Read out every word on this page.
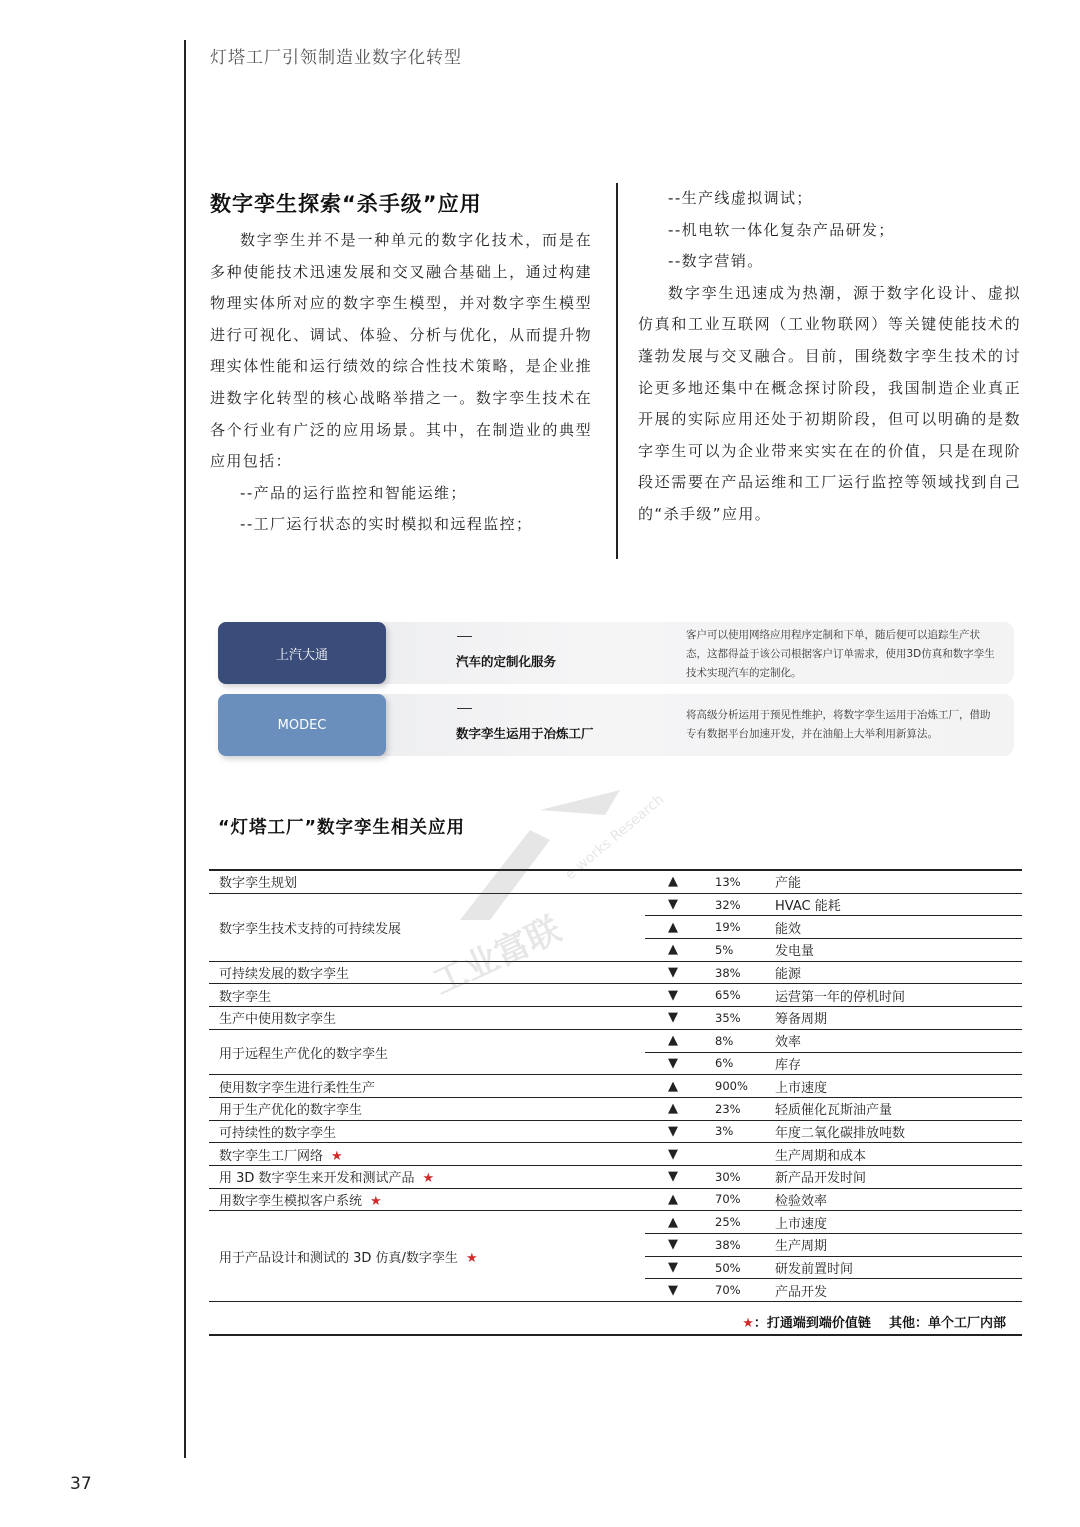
灯塔工厂引领制造业数字化转型
数字孪生探索“杀手级”应用

数字孪生并不是一种单元的数字化技术，而是在多种使能技术迅速发展和交叉融合基础上，通过构建物理实体所对应的数字孪生模型，并对数字孪生模型进行可视化、调试、体验、分析与优化，从而提升物理实体性能和运行绩效的综合性技术策略，是企业推进数字化转型的核心战略举措之一。数字孪生技术在各个行业有广泛的应用场景。其中，在制造业的典型应用包括：

--产品的运行监控和智能运维；

--工厂运行状态的实时模拟和远程监控；

--生产线虚拟调试；

--机电软一体化复杂产品研发；

--数字营销。

数字孪生迅速成为热潮，源于数字化设计、虚拟仿真和工业互联网（工业物联网）等关键使能技术的蓬勃发展与交叉融合。目前，围绕数字孪生技术的讨论更多地还集中在概念探讨阶段，我国制造企业真正开展的实际应用还处于初期阶段，但可以明确的是数字孪生可以为企业带来实实在在的价值，只是在现阶段还需要在产品运维和工厂运行监控等领域找到自己的“杀手级”应用。

上汽大通	汽车的定制化服务
客户可以使用网络应用程序定制和下单，随后便可以追踪生产状态，这都得益于该公司根据客户订单需求，使用3D仿真和数字孪生技术实现汽车的定制化。
MODEC
数字孪生运用于冶炼工厂
将高级分析运用于预见性维护，将数字孪生运用于冶炼工厂，借助专有数据平台加速开发，并在油船上大举利用新算法。
“灯塔工厂”数字孪生相关应用
数字孪生规划	▲	13%	产能
数字孪生技术支持的可持续发展	▼	32%	HVAC 能耗
	▲	19%	能效
	▲	5%	发电量
可持续发展的数字孪生	▼	38%	能源
数字孪生	▼	65%	运营第一年的停机时间
生产中使用数字孪生	▼	35%	筹备周期
用于远程生产优化的数字孪生	▲	8%	效率
	▼	6%	库存
使用数字孪生进行柔性生产	▲	900%	上市速度
用于生产优化的数字孪生	▲	23%	轻质催化瓦斯油产量
可持续性的数字孪生	▼	3%	年度二氧化碳排放吨数
数字孪生工厂网络 ★	▼		生产周期和成本
用 3D 数字孪生来开发和测试产品 ★	▼	30%	新产品开发时间
用数字孪生模拟客户系统 ★	▲	70%	检验效率
用于产品设计和测试的 3D 仿真/数字孪生 ★	▲	25%	上市速度
	▼	38%	生产周期
	▼	50%	研发前置时间
	▼	70%	产品开发
★：打通端到端价值链 其他：单个工厂内部
工业富联
e-works Research
37
